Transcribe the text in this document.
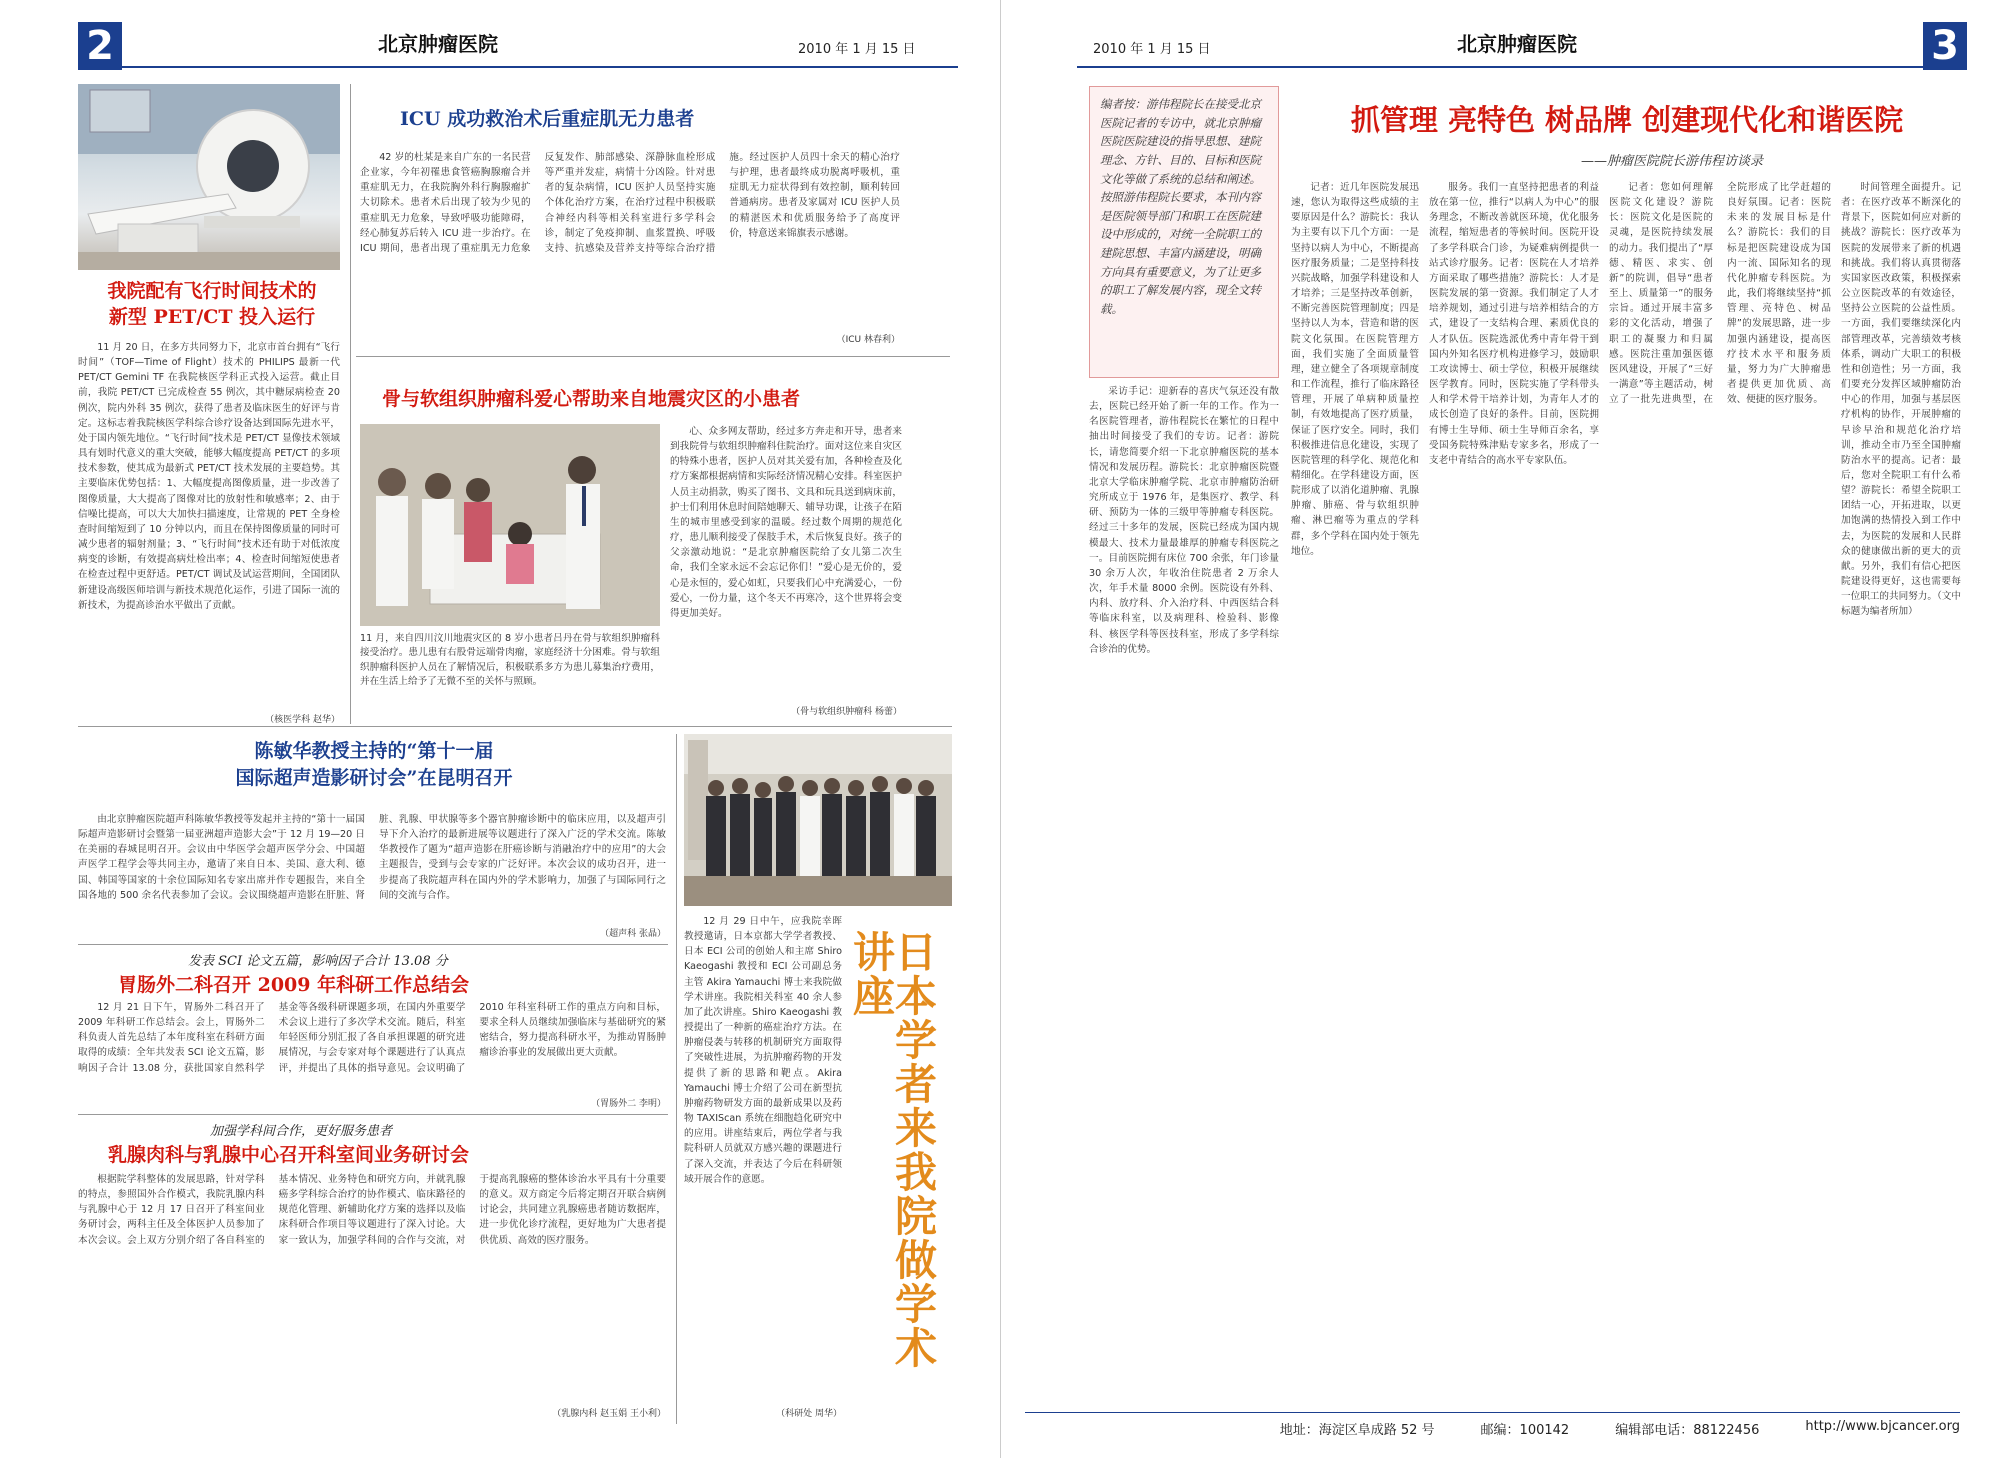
2	北京肿瘤医院	2010 年 1 月 15 日
我院配有飞行时间技术的
新型 PET/CT 投入运行

11 月 20 日，在多方共同努力下，北京市首台拥有“飞行时间”（TOF—Time of Flight）技术的 PHILIPS 最新一代 PET/CT Gemini TF 在我院核医学科正式投入运营。截止目前，我院 PET/CT 已完成检查 55 例次，其中糖尿病检查 20 例次，院内外科 35 例次，获得了患者及临床医生的好评与肯定。这标志着我院核医学科综合诊疗设备达到国际先进水平，处于国内领先地位。“飞行时间”技术是 PET/CT 显像技术领域具有划时代意义的重大突破，能够大幅度提高 PET/CT 的多项技术参数，使其成为最新式 PET/CT 技术发展的主要趋势。其主要临床优势包括：1、大幅度提高图像质量，进一步改善了图像质量，大大提高了图像对比的放射性和敏感率；2、由于信噪比提高，可以大大加快扫描速度，让常规的 PET 全身检查时间缩短到了 10 分钟以内，而且在保持图像质量的同时可减少患者的辐射剂量；3、“飞行时间”技术还有助于对低浓度病变的诊断，有效提高病灶检出率；4、检查时间缩短使患者在检查过程中更舒适。PET/CT 调试及试运营期间，全国团队新建设高级医师培训与新技术规范化运作，引进了国际一流的新技术，为提高诊治水平做出了贡献。

（核医学科 赵华）
ICU 成功救治术后重症肌无力患者

42 岁的杜某是来自广东的一名民营企业家，今年初罹患食管癌胸腺瘤合并重症肌无力，在我院胸外科行胸腺瘤扩大切除术。患者术后出现了较为少见的重症肌无力危象，导致呼吸功能障碍，经心肺复苏后转入 ICU 进一步治疗。在 ICU 期间，患者出现了重症肌无力危象反复发作、肺部感染、深静脉血栓形成等严重并发症，病情十分凶险。针对患者的复杂病情，ICU 医护人员坚持实施个体化治疗方案，在治疗过程中积极联合神经内科等相关科室进行多学科会诊，制定了免疫抑制、血浆置换、呼吸支持、抗感染及营养支持等综合治疗措施。经过医护人员四十余天的精心治疗与护理，患者最终成功脱离呼吸机，重症肌无力症状得到有效控制，顺利转回普通病房。患者及家属对 ICU 医护人员的精湛医术和优质服务给予了高度评价，特意送来锦旗表示感谢。

（ICU 林春利）
骨与软组织肿瘤科爱心帮助来自地震灾区的小患者
11 月，来自四川汶川地震灾区的 8 岁小患者吕丹在骨与软组织肿瘤科接受治疗。患儿患有右股骨远端骨肉瘤，家庭经济十分困难。骨与软组织肿瘤科医护人员在了解情况后，积极联系多方为患儿募集治疗费用，并在生活上给予了无微不至的关怀与照顾。

心、众多网友帮助，经过多方奔走和开导，患者来到我院骨与软组织肿瘤科住院治疗。面对这位来自灾区的特殊小患者，医护人员对其关爱有加，各种检查及化疗方案都根据病情和实际经济情况精心安排。科室医护人员主动捐款，购买了图书、文具和玩具送到病床前，护士们利用休息时间陪她聊天、辅导功课，让孩子在陌生的城市里感受到家的温暖。经过数个周期的规范化疗，患儿顺利接受了保肢手术，术后恢复良好。孩子的父亲激动地说：“是北京肿瘤医院给了女儿第二次生命，我们全家永远不会忘记你们！”爱心是无价的，爱心是永恒的，爱心如虹，只要我们心中充满爱心，一份爱心，一份力量，这个冬天不再寒冷，这个世界将会变得更加美好。

（骨与软组织肿瘤科 杨蕾）
陈敏华教授主持的“第十一届
国际超声造影研讨会”在昆明召开

由北京肿瘤医院超声科陈敏华教授等发起并主持的“第十一届国际超声造影研讨会暨第一届亚洲超声造影大会”于 12 月 19—20 日在美丽的春城昆明召开。会议由中华医学会超声医学分会、中国超声医学工程学会等共同主办，邀请了来自日本、美国、意大利、德国、韩国等国家的十余位国际知名专家出席并作专题报告，来自全国各地的 500 余名代表参加了会议。会议围绕超声造影在肝脏、肾脏、乳腺、甲状腺等多个器官肿瘤诊断中的临床应用，以及超声引导下介入治疗的最新进展等议题进行了深入广泛的学术交流。陈敏华教授作了题为“超声造影在肝癌诊断与消融治疗中的应用”的大会主题报告，受到与会专家的广泛好评。本次会议的成功召开，进一步提高了我院超声科在国内外的学术影响力，加强了与国际同行之间的交流与合作。

（超声科 张晶）
发表 SCI 论文五篇，影响因子合计 13.08 分
胃肠外二科召开 2009 年科研工作总结会

12 月 21 日下午，胃肠外二科召开了 2009 年科研工作总结会。会上，胃肠外二科负责人首先总结了本年度科室在科研方面取得的成绩：全年共发表 SCI 论文五篇，影响因子合计 13.08 分，获批国家自然科学基金等各级科研课题多项，在国内外重要学术会议上进行了多次学术交流。随后，科室年轻医师分别汇报了各自承担课题的研究进展情况，与会专家对每个课题进行了认真点评，并提出了具体的指导意见。会议明确了 2010 年科室科研工作的重点方向和目标，要求全科人员继续加强临床与基础研究的紧密结合，努力提高科研水平，为推动胃肠肿瘤诊治事业的发展做出更大贡献。

（胃肠外二 李明）
加强学科间合作，更好服务患者
乳腺肉科与乳腺中心召开科室间业务研讨会

根据院学科整体的发展思路，针对学科的特点，参照国外合作模式，我院乳腺内科与乳腺中心于 12 月 17 日召开了科室间业务研讨会，两科主任及全体医护人员参加了本次会议。会上双方分别介绍了各自科室的基本情况、业务特色和研究方向，并就乳腺癌多学科综合治疗的协作模式、临床路径的规范化管理、新辅助化疗方案的选择以及临床科研合作项目等议题进行了深入讨论。大家一致认为，加强学科间的合作与交流，对于提高乳腺癌的整体诊治水平具有十分重要的意义。双方商定今后将定期召开联合病例讨论会，共同建立乳腺癌患者随访数据库，进一步优化诊疗流程，更好地为广大患者提供优质、高效的医疗服务。

（乳腺内科 赵玉娟 王小利）

12 月 29 日中午，应我院幸晖教授邀请，日本京都大学学者教授、日本 ECI 公司的创始人和主席 Shiro Kaeogashi 教授和 ECI 公司副总务主管 Akira Yamauchi 博士来我院做学术讲座。我院相关科室 40 余人参加了此次讲座。Shiro Kaeogashi 教授提出了一种新的癌症治疗方法。在肿瘤侵袭与转移的机制研究方面取得了突破性进展，为抗肿瘤药物的开发提供了新的思路和靶点。Akira Yamauchi 博士介绍了公司在新型抗肿瘤药物研发方面的最新成果以及药物 TAXIScan 系统在细胞趋化研究中的应用。讲座结束后，两位学者与我院科研人员就双方感兴趣的课题进行了深入交流，并表达了今后在科研领域开展合作的意愿。

（科研处 周华）
日本学者来我院做学术讲座
2010 年 1 月 15 日	北京肿瘤医院	3
编者按：游伟程院长在接受北京医院记者的专访中，就北京肿瘤医院医院建设的指导思想、建院理念、方针、目的、目标和医院文化等做了系统的总结和阐述。按照游伟程院长要求，本刊内容是医院领导部门和职工在医院建设中形成的，对统一全院职工的建院思想、丰富内涵建设，明确方向具有重要意义，为了让更多的职工了解发展内容，现全文转载。
抓管理 亮特色 树品牌 创建现代化和谐医院
——肿瘤医院院长游伟程访谈录

采访手记：迎新春的喜庆气氛还没有散去，医院已经开始了新一年的工作。作为一名医院管理者，游伟程院长在繁忙的日程中抽出时间接受了我们的专访。记者：游院长，请您简要介绍一下北京肿瘤医院的基本情况和发展历程。游院长：北京肿瘤医院暨北京大学临床肿瘤学院、北京市肿瘤防治研究所成立于 1976 年，是集医疗、教学、科研、预防为一体的三级甲等肿瘤专科医院。经过三十多年的发展，医院已经成为国内规模最大、技术力量最雄厚的肿瘤专科医院之一。目前医院拥有床位 700 余张，年门诊量 30 余万人次，年收治住院患者 2 万余人次，年手术量 8000 余例。医院设有外科、内科、放疗科、介入治疗科、中西医结合科等临床科室，以及病理科、检验科、影像科、核医学科等医技科室，形成了多学科综合诊治的优势。

记者：近几年医院发展迅速，您认为取得这些成绩的主要原因是什么？游院长：我认为主要有以下几个方面：一是坚持以病人为中心，不断提高医疗服务质量；二是坚持科技兴院战略，加强学科建设和人才培养；三是坚持改革创新，不断完善医院管理制度；四是坚持以人为本，营造和谐的医院文化氛围。在医院管理方面，我们实施了全面质量管理，建立健全了各项规章制度和工作流程，推行了临床路径管理，开展了单病种质量控制，有效地提高了医疗质量，保证了医疗安全。同时，我们积极推进信息化建设，实现了医院管理的科学化、规范化和精细化。在学科建设方面，医院形成了以消化道肿瘤、乳腺肿瘤、肺癌、骨与软组织肿瘤、淋巴瘤等为重点的学科群，多个学科在国内处于领先地位。

服务。我们一直坚持把患者的利益放在第一位，推行“以病人为中心”的服务理念，不断改善就医环境，优化服务流程，缩短患者的等候时间。医院开设了多学科联合门诊，为疑难病例提供一站式诊疗服务。记者：医院在人才培养方面采取了哪些措施？游院长：人才是医院发展的第一资源。我们制定了人才培养规划，通过引进与培养相结合的方式，建设了一支结构合理、素质优良的人才队伍。医院选派优秀中青年骨干到国内外知名医疗机构进修学习，鼓励职工攻读博士、硕士学位，积极开展继续医学教育。同时，医院实施了学科带头人和学术骨干培养计划，为青年人才的成长创造了良好的条件。目前，医院拥有博士生导师、硕士生导师百余名，享受国务院特殊津贴专家多名，形成了一支老中青结合的高水平专家队伍。

记者：您如何理解医院文化建设？游院长：医院文化是医院的灵魂，是医院持续发展的动力。我们提出了“厚德、精医、求实、创新”的院训，倡导“患者至上、质量第一”的服务宗旨。通过开展丰富多彩的文化活动，增强了职工的凝聚力和归属感。医院注重加强医德医风建设，开展了“三好一满意”等主题活动，树立了一批先进典型，在全院形成了比学赶超的良好氛围。记者：医院未来的发展目标是什么？游院长：我们的目标是把医院建设成为国内一流、国际知名的现代化肿瘤专科医院。为此，我们将继续坚持“抓管理、亮特色、树品牌”的发展思路，进一步加强内涵建设，提高医疗技术水平和服务质量，努力为广大肿瘤患者提供更加优质、高效、便捷的医疗服务。

时间管理全面提升。记者：在医疗改革不断深化的背景下，医院如何应对新的挑战？游院长：医疗改革为医院的发展带来了新的机遇和挑战。我们将认真贯彻落实国家医改政策，积极探索公立医院改革的有效途径，坚持公立医院的公益性质。一方面，我们要继续深化内部管理改革，完善绩效考核体系，调动广大职工的积极性和创造性；另一方面，我们要充分发挥区域肿瘤防治中心的作用，加强与基层医疗机构的协作，开展肿瘤的早诊早治和规范化治疗培训，推动全市乃至全国肿瘤防治水平的提高。记者：最后，您对全院职工有什么希望？游院长：希望全院职工团结一心，开拓进取，以更加饱满的热情投入到工作中去，为医院的发展和人民群众的健康做出新的更大的贡献。另外，我们有信心把医院建设得更好，这也需要每一位职工的共同努力。（文中标题为编者所加）

地址：海淀区阜成路 52 号	邮编：100142	编辑部电话：88122456	http://www.bjcancer.org
